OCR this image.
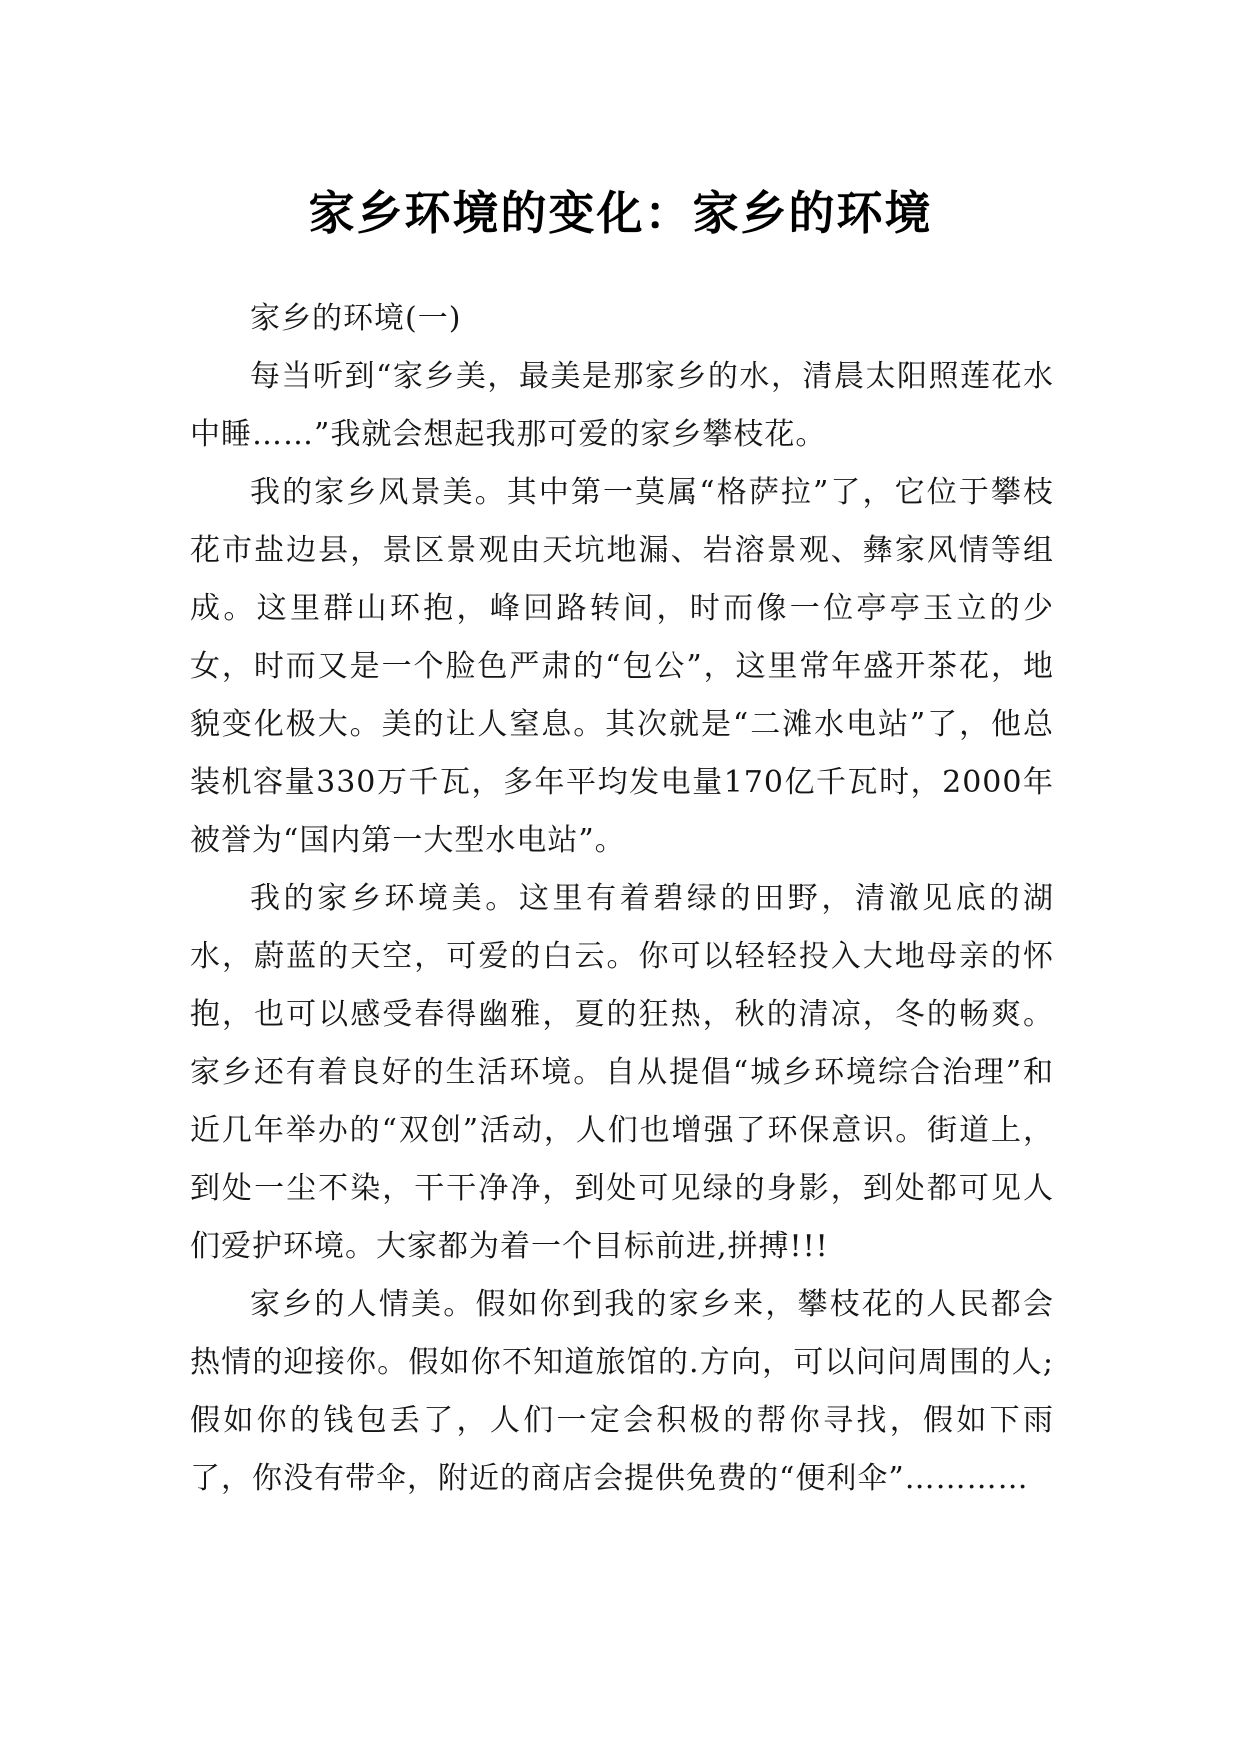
家乡环境的变化：家乡的环境

家乡的环境(一)

每当听到“家乡美，最美是那家乡的水，清晨太阳照莲花水中睡……”我就会想起我那可爱的家乡攀枝花。

我的家乡风景美。其中第一莫属“格萨拉”了，它位于攀枝花市盐边县，景区景观由天坑地漏、岩溶景观、彝家风情等组成。这里群山环抱，峰回路转间，时而像一位亭亭玉立的少女，时而又是一个脸色严肃的“包公”，这里常年盛开茶花，地貌变化极大。美的让人窒息。其次就是“二滩水电站”了，他总装机容量330万千瓦，多年平均发电量170亿千瓦时，2000年被誉为“国内第一大型水电站”。

我的家乡环境美。这里有着碧绿的田野，清澈见底的湖水，蔚蓝的天空，可爱的白云。你可以轻轻投入大地母亲的怀抱，也可以感受春得幽雅，夏的狂热，秋的清凉，冬的畅爽。家乡还有着良好的生活环境。自从提倡“城乡环境综合治理”和近几年举办的“双创”活动，人们也增强了环保意识。街道上，到处一尘不染，干干净净，到处可见绿的身影，到处都可见人们爱护环境。大家都为着一个目标前进,拼搏!!!

家乡的人情美。假如你到我的家乡来，攀枝花的人民都会热情的迎接你。假如你不知道旅馆的.方向，可以问问周围的人;假如你的钱包丢了，人们一定会积极的帮你寻找，假如下雨了，你没有带伞，附近的商店会提供免费的“便利伞”…………
